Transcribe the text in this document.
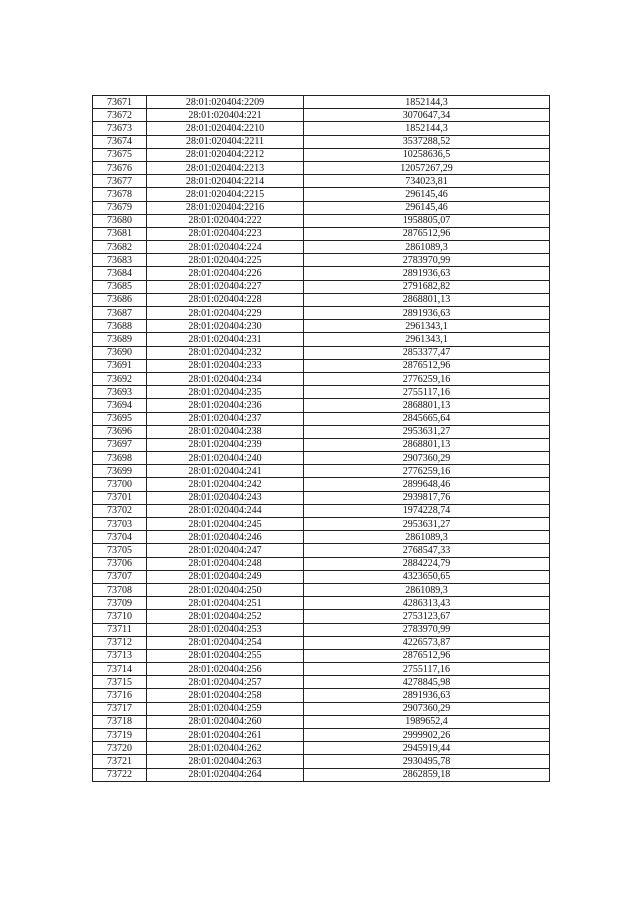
73671	28:01:020404:2209	1852144,3
73672	28:01:020404:221	3070647,34
73673	28:01:020404:2210	1852144,3
73674	28:01:020404:2211	3537288,52
73675	28:01:020404:2212	10258636,5
73676	28:01:020404:2213	12057267,29
73677	28:01:020404:2214	734023,81
73678	28:01:020404:2215	296145,46
73679	28:01:020404:2216	296145,46
73680	28:01:020404:222	1958805,07
73681	28:01:020404:223	2876512,96
73682	28:01:020404:224	2861089,3
73683	28:01:020404:225	2783970,99
73684	28:01:020404:226	2891936,63
73685	28:01:020404:227	2791682,82
73686	28:01:020404:228	2868801,13
73687	28:01:020404:229	2891936,63
73688	28:01:020404:230	2961343,1
73689	28:01:020404:231	2961343,1
73690	28:01:020404:232	2853377,47
73691	28:01:020404:233	2876512,96
73692	28:01:020404:234	2776259,16
73693	28:01:020404:235	2755117,16
73694	28:01:020404:236	2868801,13
73695	28:01:020404:237	2845665,64
73696	28:01:020404:238	2953631,27
73697	28:01:020404:239	2868801,13
73698	28:01:020404:240	2907360,29
73699	28:01:020404:241	2776259,16
73700	28:01:020404:242	2899648,46
73701	28:01:020404:243	2939817,76
73702	28:01:020404:244	1974228,74
73703	28:01:020404:245	2953631,27
73704	28:01:020404:246	2861089,3
73705	28:01:020404:247	2768547,33
73706	28:01:020404:248	2884224,79
73707	28:01:020404:249	4323650,65
73708	28:01:020404:250	2861089,3
73709	28:01:020404:251	4286313,43
73710	28:01:020404:252	2753123,67
73711	28:01:020404:253	2783970,99
73712	28:01:020404:254	4226573,87
73713	28:01:020404:255	2876512,96
73714	28:01:020404:256	2755117,16
73715	28:01:020404:257	4278845,98
73716	28:01:020404:258	2891936,63
73717	28:01:020404:259	2907360,29
73718	28:01:020404:260	1989652,4
73719	28:01:020404:261	2999902,26
73720	28:01:020404:262	2945919,44
73721	28:01:020404:263	2930495,78
73722	28:01:020404:264	2862859,18
